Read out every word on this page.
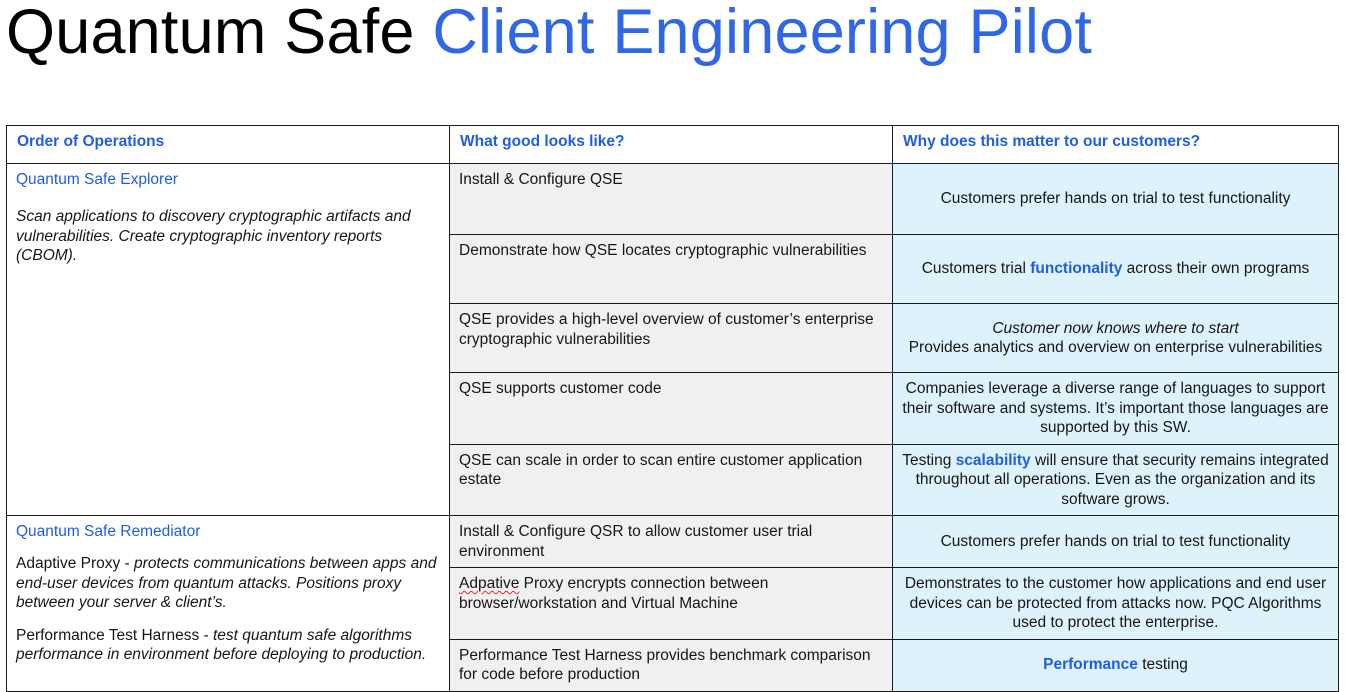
Quantum Safe Client Engineering Pilot
Order of Operations	What good looks like?	Why does this matter to our customers?

Quantum Safe Explorer
Scan applications to discovery cryptographic artifacts and vulnerabilities. Create cryptographic inventory reports (CBOM).	Install & Configure QSE	Customers prefer hands on trial to test functionality
	Demonstrate how QSE locates cryptographic vulnerabilities	Customers trial functionality across their own programs
	QSE provides a high-level overview of customer’s enterprise cryptographic vulnerabilities	Customer now knows where to start
Provides analytics and overview on enterprise vulnerabilities

	QSE supports customer code	Companies leverage a diverse range of languages to support their software and systems. It’s important those languages are supported by this SW.
	QSE can scale in order to scan entire customer application estate	Testing scalability will ensure that security remains integrated throughout all operations. Even as the organization and its software grows.

Quantum Safe Remediator
Adaptive Proxy - protects communications between apps and end-user devices from quantum attacks. Positions proxy between your server & client’s.
Performance Test Harness - test quantum safe algorithms performance in environment before deploying to production.	Install & Configure QSR to allow customer user trial environment	Customers prefer hands on trial to test functionality
	Adpative Proxy encrypts connection between browser/workstation and Virtual Machine	Demonstrates to the customer how applications and end user devices can be protected from attacks now. PQC Algorithms used to protect the enterprise.
	Performance Test Harness provides benchmark comparison for code before production	Performance testing
